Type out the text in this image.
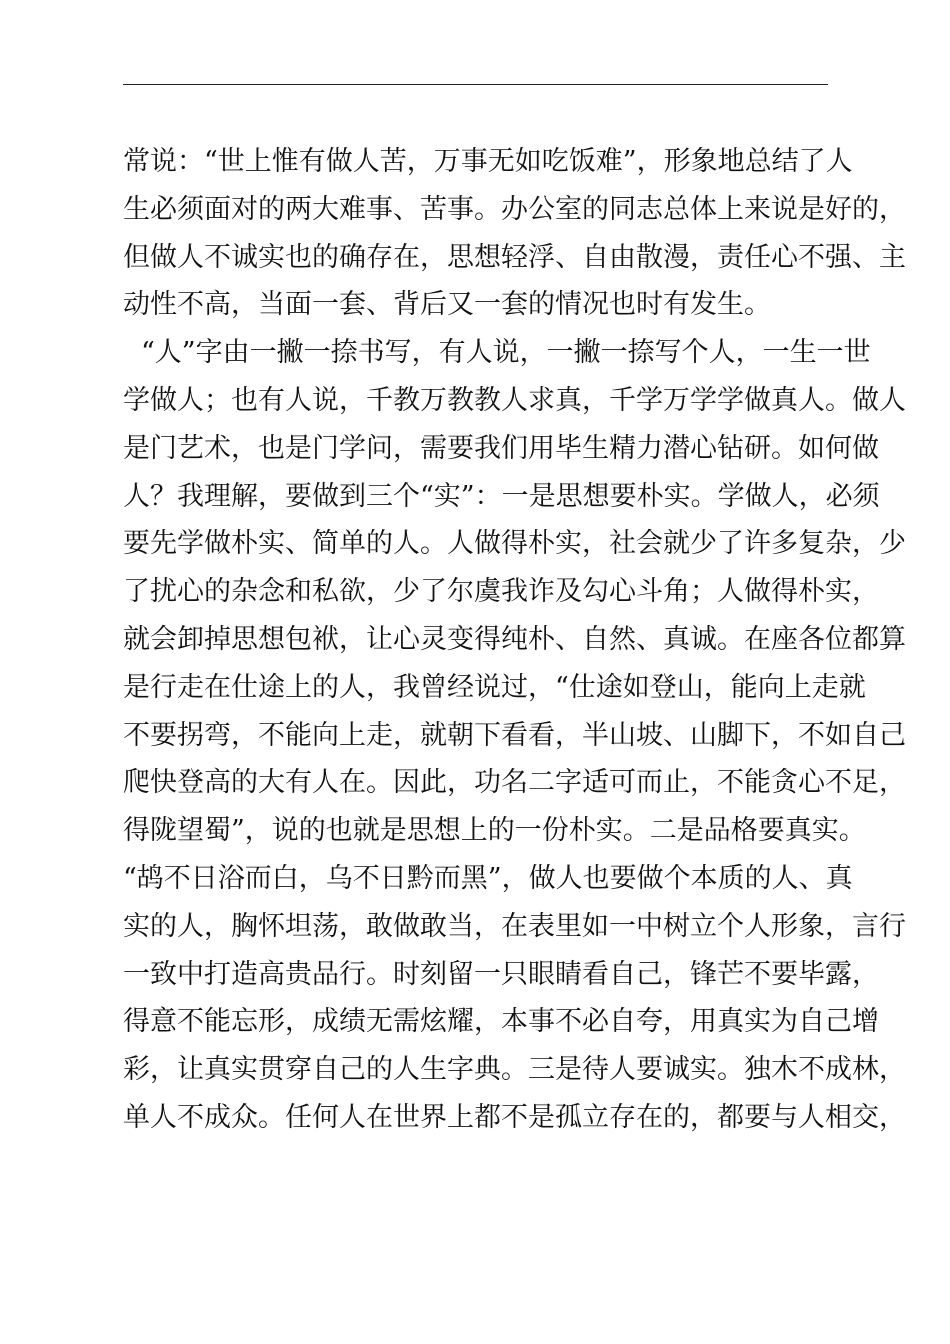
常说：“世上惟有做人苦，万事无如吃饭难”，形象地总结了人
生必须面对的两大难事、苦事。办公室的同志总体上来说是好的，
但做人不诚实也的确存在，思想轻浮、自由散漫，责任心不强、主
动性不高，当面一套、背后又一套的情况也时有发生。
“人”字由一撇一捺书写，有人说，一撇一捺写个人，一生一世
学做人；也有人说，千教万教教人求真，千学万学学做真人。做人
是门艺术，也是门学问，需要我们用毕生精力潜心钻研。如何做
人？我理解，要做到三个“实”：一是思想要朴实。学做人，必须
要先学做朴实、简单的人。人做得朴实，社会就少了许多复杂，少
了扰心的杂念和私欲，少了尔虞我诈及勾心斗角；人做得朴实，
就会卸掉思想包袱，让心灵变得纯朴、自然、真诚。在座各位都算
是行走在仕途上的人，我曾经说过，“仕途如登山，能向上走就
不要拐弯，不能向上走，就朝下看看，半山坡、山脚下，不如自己
爬快登高的大有人在。因此，功名二字适可而止，不能贪心不足，
得陇望蜀”，说的也就是思想上的一份朴实。二是品格要真实。
“鸪不日浴而白，乌不日黔而黑”，做人也要做个本质的人、真
实的人，胸怀坦荡，敢做敢当，在表里如一中树立个人形象，言行
一致中打造高贵品行。时刻留一只眼睛看自己，锋芒不要毕露，
得意不能忘形，成绩无需炫耀，本事不必自夸，用真实为自己增
彩，让真实贯穿自己的人生字典。三是待人要诚实。独木不成林，
单人不成众。任何人在世界上都不是孤立存在的，都要与人相交，
